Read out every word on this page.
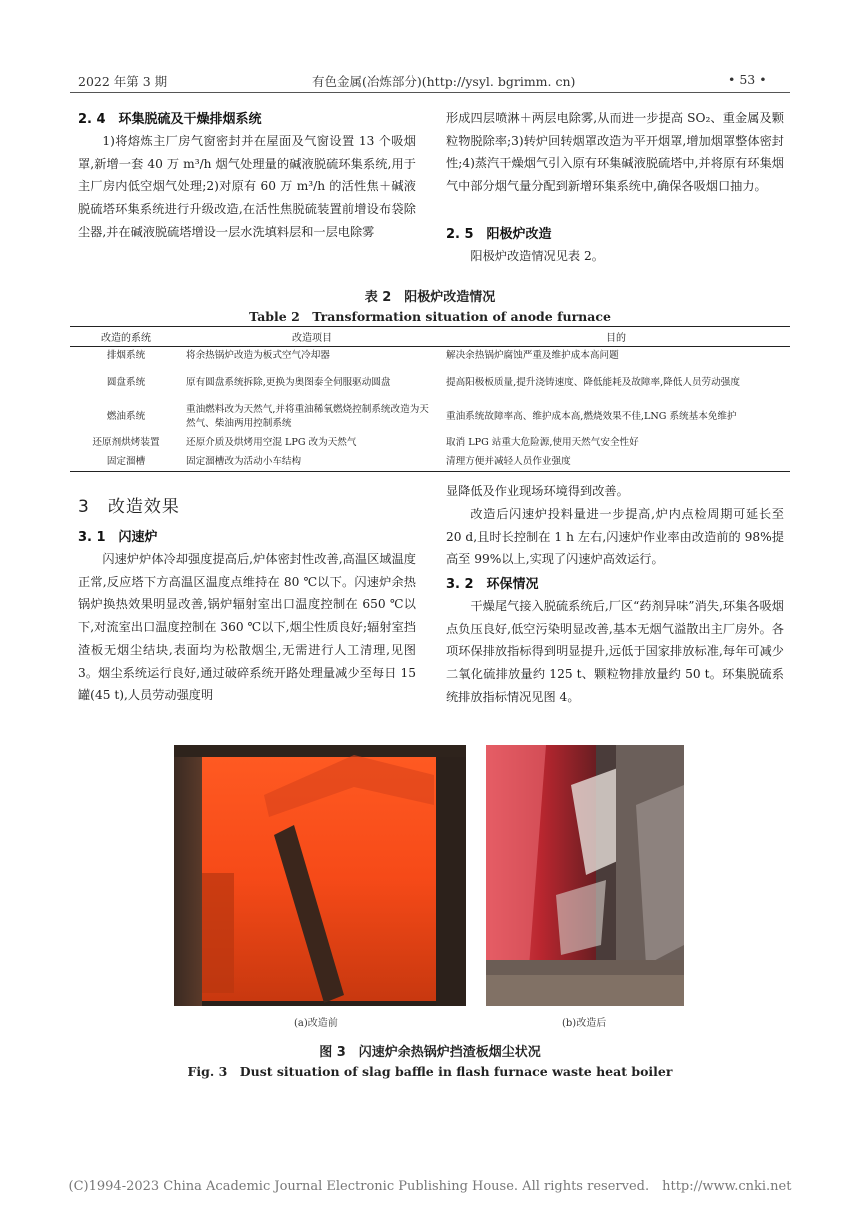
2022 年第 3 期	有色金属(冶炼部分)(http://ysyl. bgrimm. cn)	• 53 •
2. 4　环集脱硫及干燥排烟系统
1)将熔炼主厂房气窗密封并在屋面及气窗设置 13 个吸烟罩,新增一套 40 万 m³/h 烟气处理量的碱液脱硫环集系统,用于主厂房内低空烟气处理;2)对原有 60 万 m³/h 的活性焦＋碱液脱硫塔环集系统进行升级改造,在活性焦脱硫装置前增设布袋除尘器,并在碱液脱硫塔增设一层水洗填料层和一层电除雾
形成四层喷淋＋两层电除雾,从而进一步提高 SO₂、重金属及颗粒物脱除率;3)转炉回转烟罩改造为平开烟罩,增加烟罩整体密封性;4)蒸汽干燥烟气引入原有环集碱液脱硫塔中,并将原有环集烟气中部分烟气量分配到新增环集系统中,确保各吸烟口抽力。
2. 5　阳极炉改造
阳极炉改造情况见表 2。
表 2　阳极炉改造情况
Table 2　Transformation situation of anode furnace
改造的系统	改造项目	目的
排烟系统	将余热锅炉改造为板式空气冷却器	解决余热锅炉腐蚀严重及维护成本高问题
圆盘系统	原有圆盘系统拆除,更换为奥图泰全伺服驱动圆盘	提高阳极板质量,提升浇铸速度、降低能耗及故障率,降低人员劳动强度
燃油系统	重油燃料改为天然气,并将重油稀氧燃烧控制系统改造为天然气、柴油两用控制系统	重油系统故障率高、维护成本高,燃烧效果不佳,LNG 系统基本免维护
还原剂烘烤装置	还原介质及烘烤用空混 LPG 改为天然气	取消 LPG 站重大危险源,使用天然气安全性好
固定溜槽	固定溜槽改为活动小车结构	清理方便并减轻人员作业强度
3　改造效果
3. 1　闪速炉
闪速炉炉体冷却强度提高后,炉体密封性改善,高温区域温度正常,反应塔下方高温区温度点维持在 80 ℃以下。闪速炉余热锅炉换热效果明显改善,锅炉辐射室出口温度控制在 650 ℃以下,对流室出口温度控制在 360 ℃以下,烟尘性质良好;辐射室挡渣板无烟尘结块,表面均为松散烟尘,无需进行人工清理,见图 3。烟尘系统运行良好,通过破碎系统开路处理量减少至每日 15 罐(45 t),人员劳动强度明
显降低及作业现场环境得到改善。
改造后闪速炉投料量进一步提高,炉内点检周期可延长至 20 d,且时长控制在 1 h 左右,闪速炉作业率由改造前的 98%提高至 99%以上,实现了闪速炉高效运行。
3. 2　环保情况
干燥尾气接入脱硫系统后,厂区“药剂异味”消失,环集各吸烟点负压良好,低空污染明显改善,基本无烟气溢散出主厂房外。各项环保排放指标得到明显提升,远低于国家排放标准,每年可减少二氧化硫排放量约 125 t、颗粒物排放量约 50 t。环集脱硫系统排放指标情况见图 4。
(a)改造前	(b)改造后
图 3　闪速炉余热锅炉挡渣板烟尘状况
Fig. 3　Dust situation of slag baffle in flash furnace waste heat boiler
(C)1994-2023 China Academic Journal Electronic Publishing House. All rights reserved.　http://www.cnki.net
